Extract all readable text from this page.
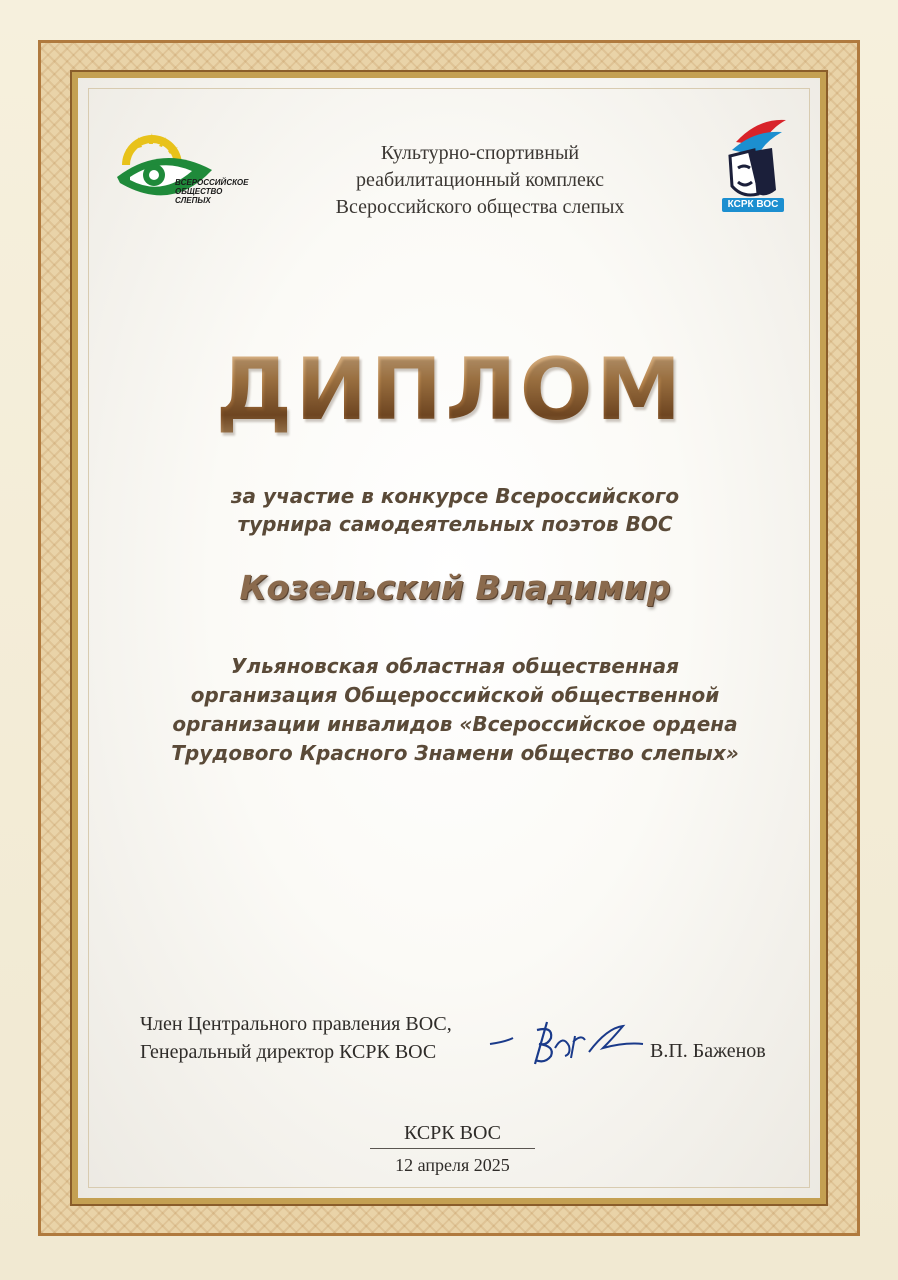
ВСЕРОССИЙСКОЕ
ОБЩЕСТВО
СЛЕПЫХ	КСРК ВОС
Культурно-спортивный
реабилитационный комплекс
Всероссийского общества слепых
ДИПЛОМ
за участие в конкурсе Всероссийского
турнира самодеятельных поэтов ВОС
Козельский Владимир
Ульяновская областная общественная
организация Общероссийской общественной
организации инвалидов «Всероссийское ордена
Трудового Красного Знамени общество слепых»
Член Центрального правления ВОС,
Генеральный директор КСРК ВОС	В.П. Баженов
КСРК ВОС
12 апреля 2025
